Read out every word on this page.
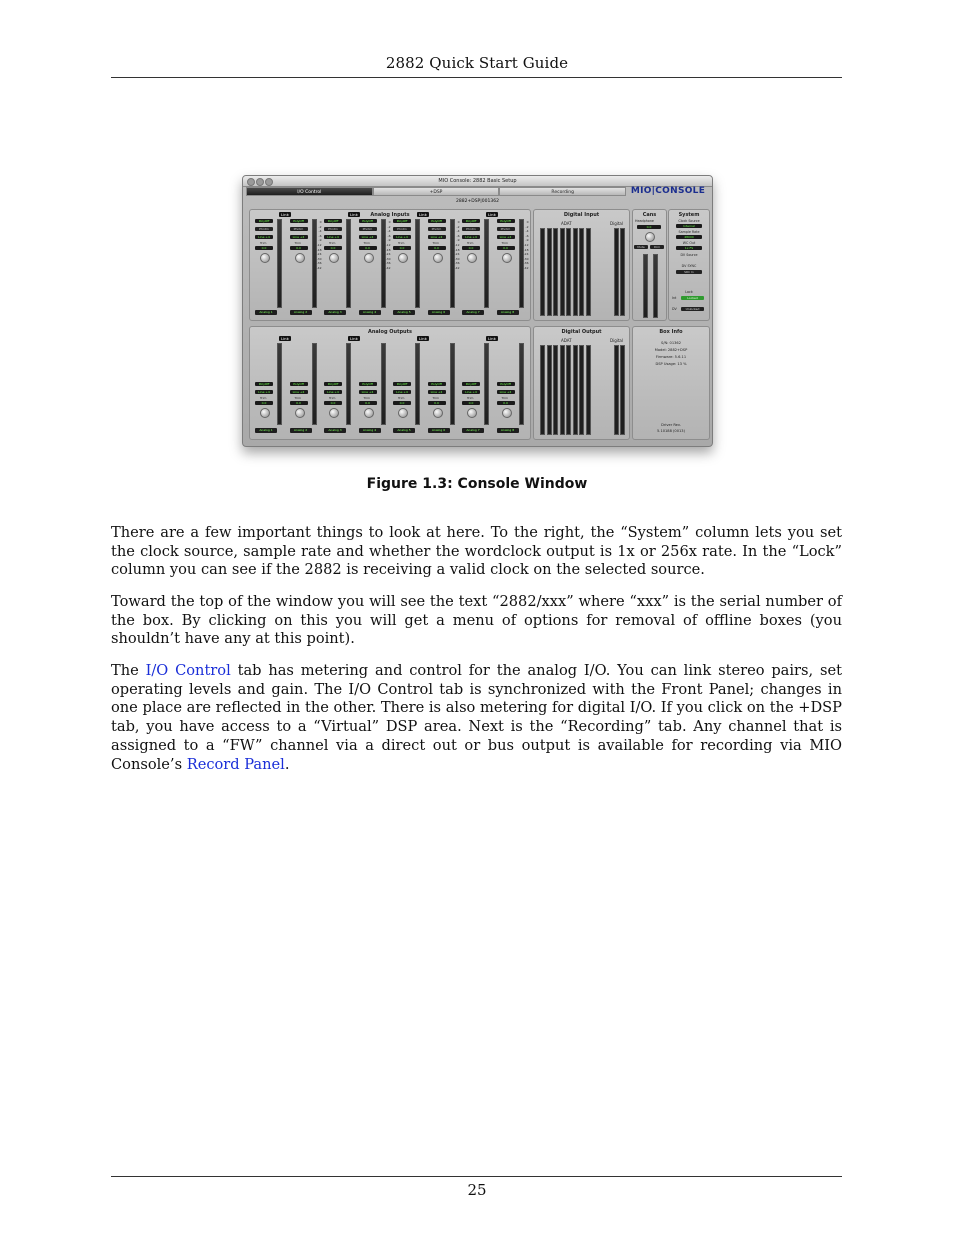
2882 Quick Start Guide
MIO Console: 2882 Basic Setup
I/O Control	+DSP	Recording	MIO|CONSOLE
2882+DSP|001362
Analog Inputs
Link
PolyOff
Phntm
Line +4
Trim
0.0
Analog 1
PolyOff
Phntm
Line +4
Trim
0.0
0
-2
-4
-6
-9
-12
-18
-24
-30
-36
-42
Analog 2
Link
PolyOff
Phntm
Line +4
Trim
0.0
Analog 3
PolyOff
Phntm
Line +4
Trim
0.0
0
-2
-4
-6
-9
-12
-18
-24
-30
-36
-42
Analog 4
Link
PolyOff
Phntm
Line +4
Trim
0.0
Analog 5
PolyOff
Phntm
Line +4
Trim
0.0
0
-2
-4
-6
-9
-12
-18
-24
-30
-36
-42
Analog 6
Link
PolyOff
Phntm
Line +4
Trim
0.0
Analog 7
PolyOff
Phntm
Line +4
Trim
0.0
0
-2
-4
-6
-9
-12
-18
-24
-30
-36
-42
Analog 8
Analog Outputs
Link
PolyOff
Line +4
Trim
0.0
Analog 1
PolyOff
Line +4
Trim
0.0
Analog 2
Link
PolyOff
Line +4
Trim
0.0
Analog 3
PolyOff
Line +4
Trim
0.0
Analog 4
Link
PolyOff
Line +4
Trim
0.0
Analog 5
PolyOff
Line +4
Trim
0.0
Analog 6
Link
PolyOff
Line +4
Trim
0.0
Analog 7
PolyOff
Line +4
Trim
0.0
Analog 8
Digital Input
ADAT	Digital
Cans
Headphone
0.0
Mute	Dim
System
Clock Source
Internal
Sample Rate
48000
WC Out
1x FS
DV Source
DV SYNC
SRC In
Lock
Int	Locked
DV	Unlocked
Digital Output
ADAT	Digital
Box Info
S/N: 01362
Model: 2882+DSP
Firmware: 5.6.11
DSP Usage: 13 %
Driver Rev.
5.10188 (0013)
Figure 1.3: Console Window

There are a few important things to look at here. To the right, the “System” column lets you set the clock source, sample rate and whether the wordclock output is 1x or 256x rate. In the “Lock” column you can see if the 2882 is receiving a valid clock on the selected source.

Toward the top of the window you will see the text “2882/xxx” where “xxx” is the serial number of the box. By clicking on this you will get a menu of options for removal of offline boxes (you shouldn’t have any at this point).

The I/O Control tab has metering and control for the analog I/O. You can link stereo pairs, set operating levels and gain. The I/O Control tab is synchronized with the Front Panel; changes in one place are reflected in the other. There is also metering for digital I/O. If you click on the +DSP tab, you have access to a “Virtual” DSP area. Next is the “Recording” tab. Any channel that is assigned to a “FW” channel via a direct out or bus output is available for recording via MIO Console’s Record Panel.

25
